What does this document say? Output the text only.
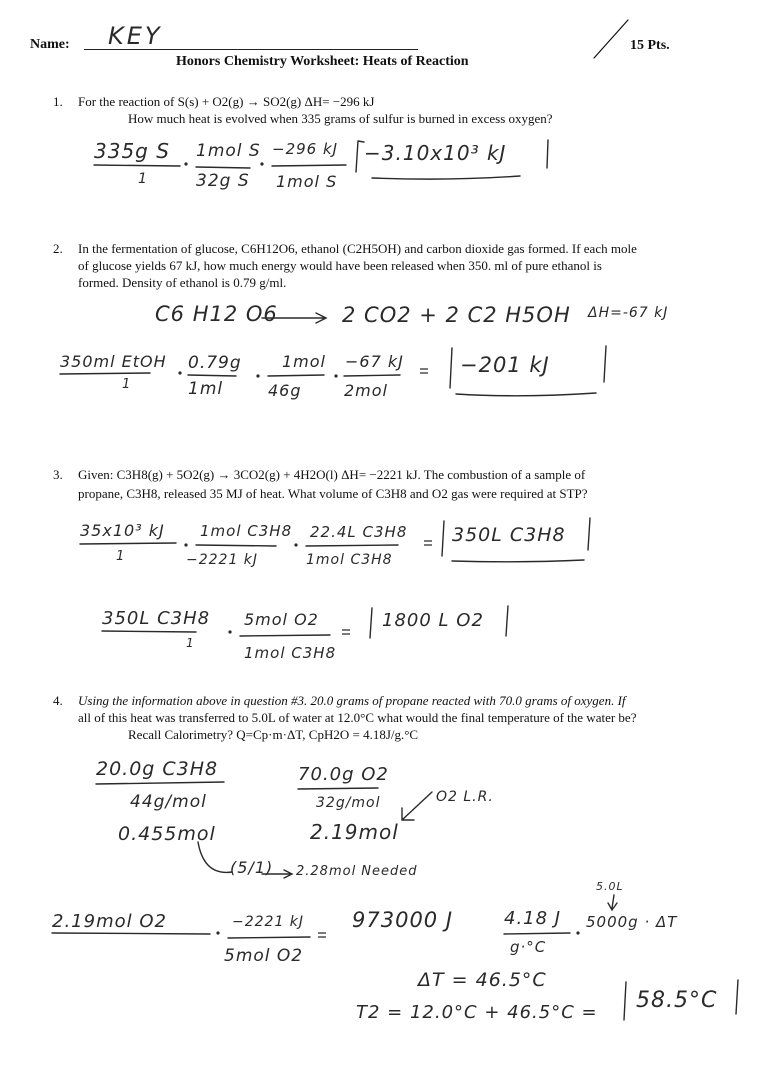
Name: KEY	15 Pts.
Honors Chemistry Worksheet: Heats of Reaction
1. For the reaction of S(s) + O2(g) → SO2(g) ΔH= −296 kJ
How much heat is evolved when 335 grams of sulfur is burned in excess oxygen?
335g S
1
1mol S
32g S
−296 kJ
1mol S
−3.10x10³ kJ
2. In the fermentation of glucose, C6H12O6, ethanol (C2H5OH) and carbon dioxide gas formed. If each mole
of glucose yields 67 kJ, how much energy would have been released when 350. ml of pure ethanol is
formed. Density of ethanol is 0.79 g/ml.
C6 H12 O6	2 CO2 + 2 C2 H5OH ΔH=-67 kJ
350ml EtOH
1
0.79g
1ml
1mol
46g
−67 kJ
2mol
−201 kJ
3. Given: C3H8(g) + 5O2(g) → 3CO2(g) + 4H2O(l) ΔH= −2221 kJ. The combustion of a sample of
propane, C3H8, released 35 MJ of heat. What volume of C3H8 and O2 gas were required at STP?
35x10³ kJ
1
1mol C3H8
−2221 kJ
22.4L C3H8
1mol C3H8
350L C3H8
350L C3H8
1
5mol O2
1mol C3H8
1800 L O2
4. Using the information above in question #3. 20.0 grams of propane reacted with 70.0 grams of oxygen. If
all of this heat was transferred to 5.0L of water at 12.0°C what would the final temperature of the water be?
Recall Calorimetry? Q=Cp·m·ΔT, CpH2O = 4.18J/g.°C
20.0g C3H8
44g/mol
0.455mol
70.0g O2
32g/mol
2.19mol
O2 L.R.
(5/1) 2.28mol Needed
2.19mol O2	−2221 kJ
5mol O2
973000 J	4.18 J
g·°C
5.0L
5000g · ΔT
ΔT = 46.5°C
T2 = 12.0°C + 46.5°C = 58.5°C
